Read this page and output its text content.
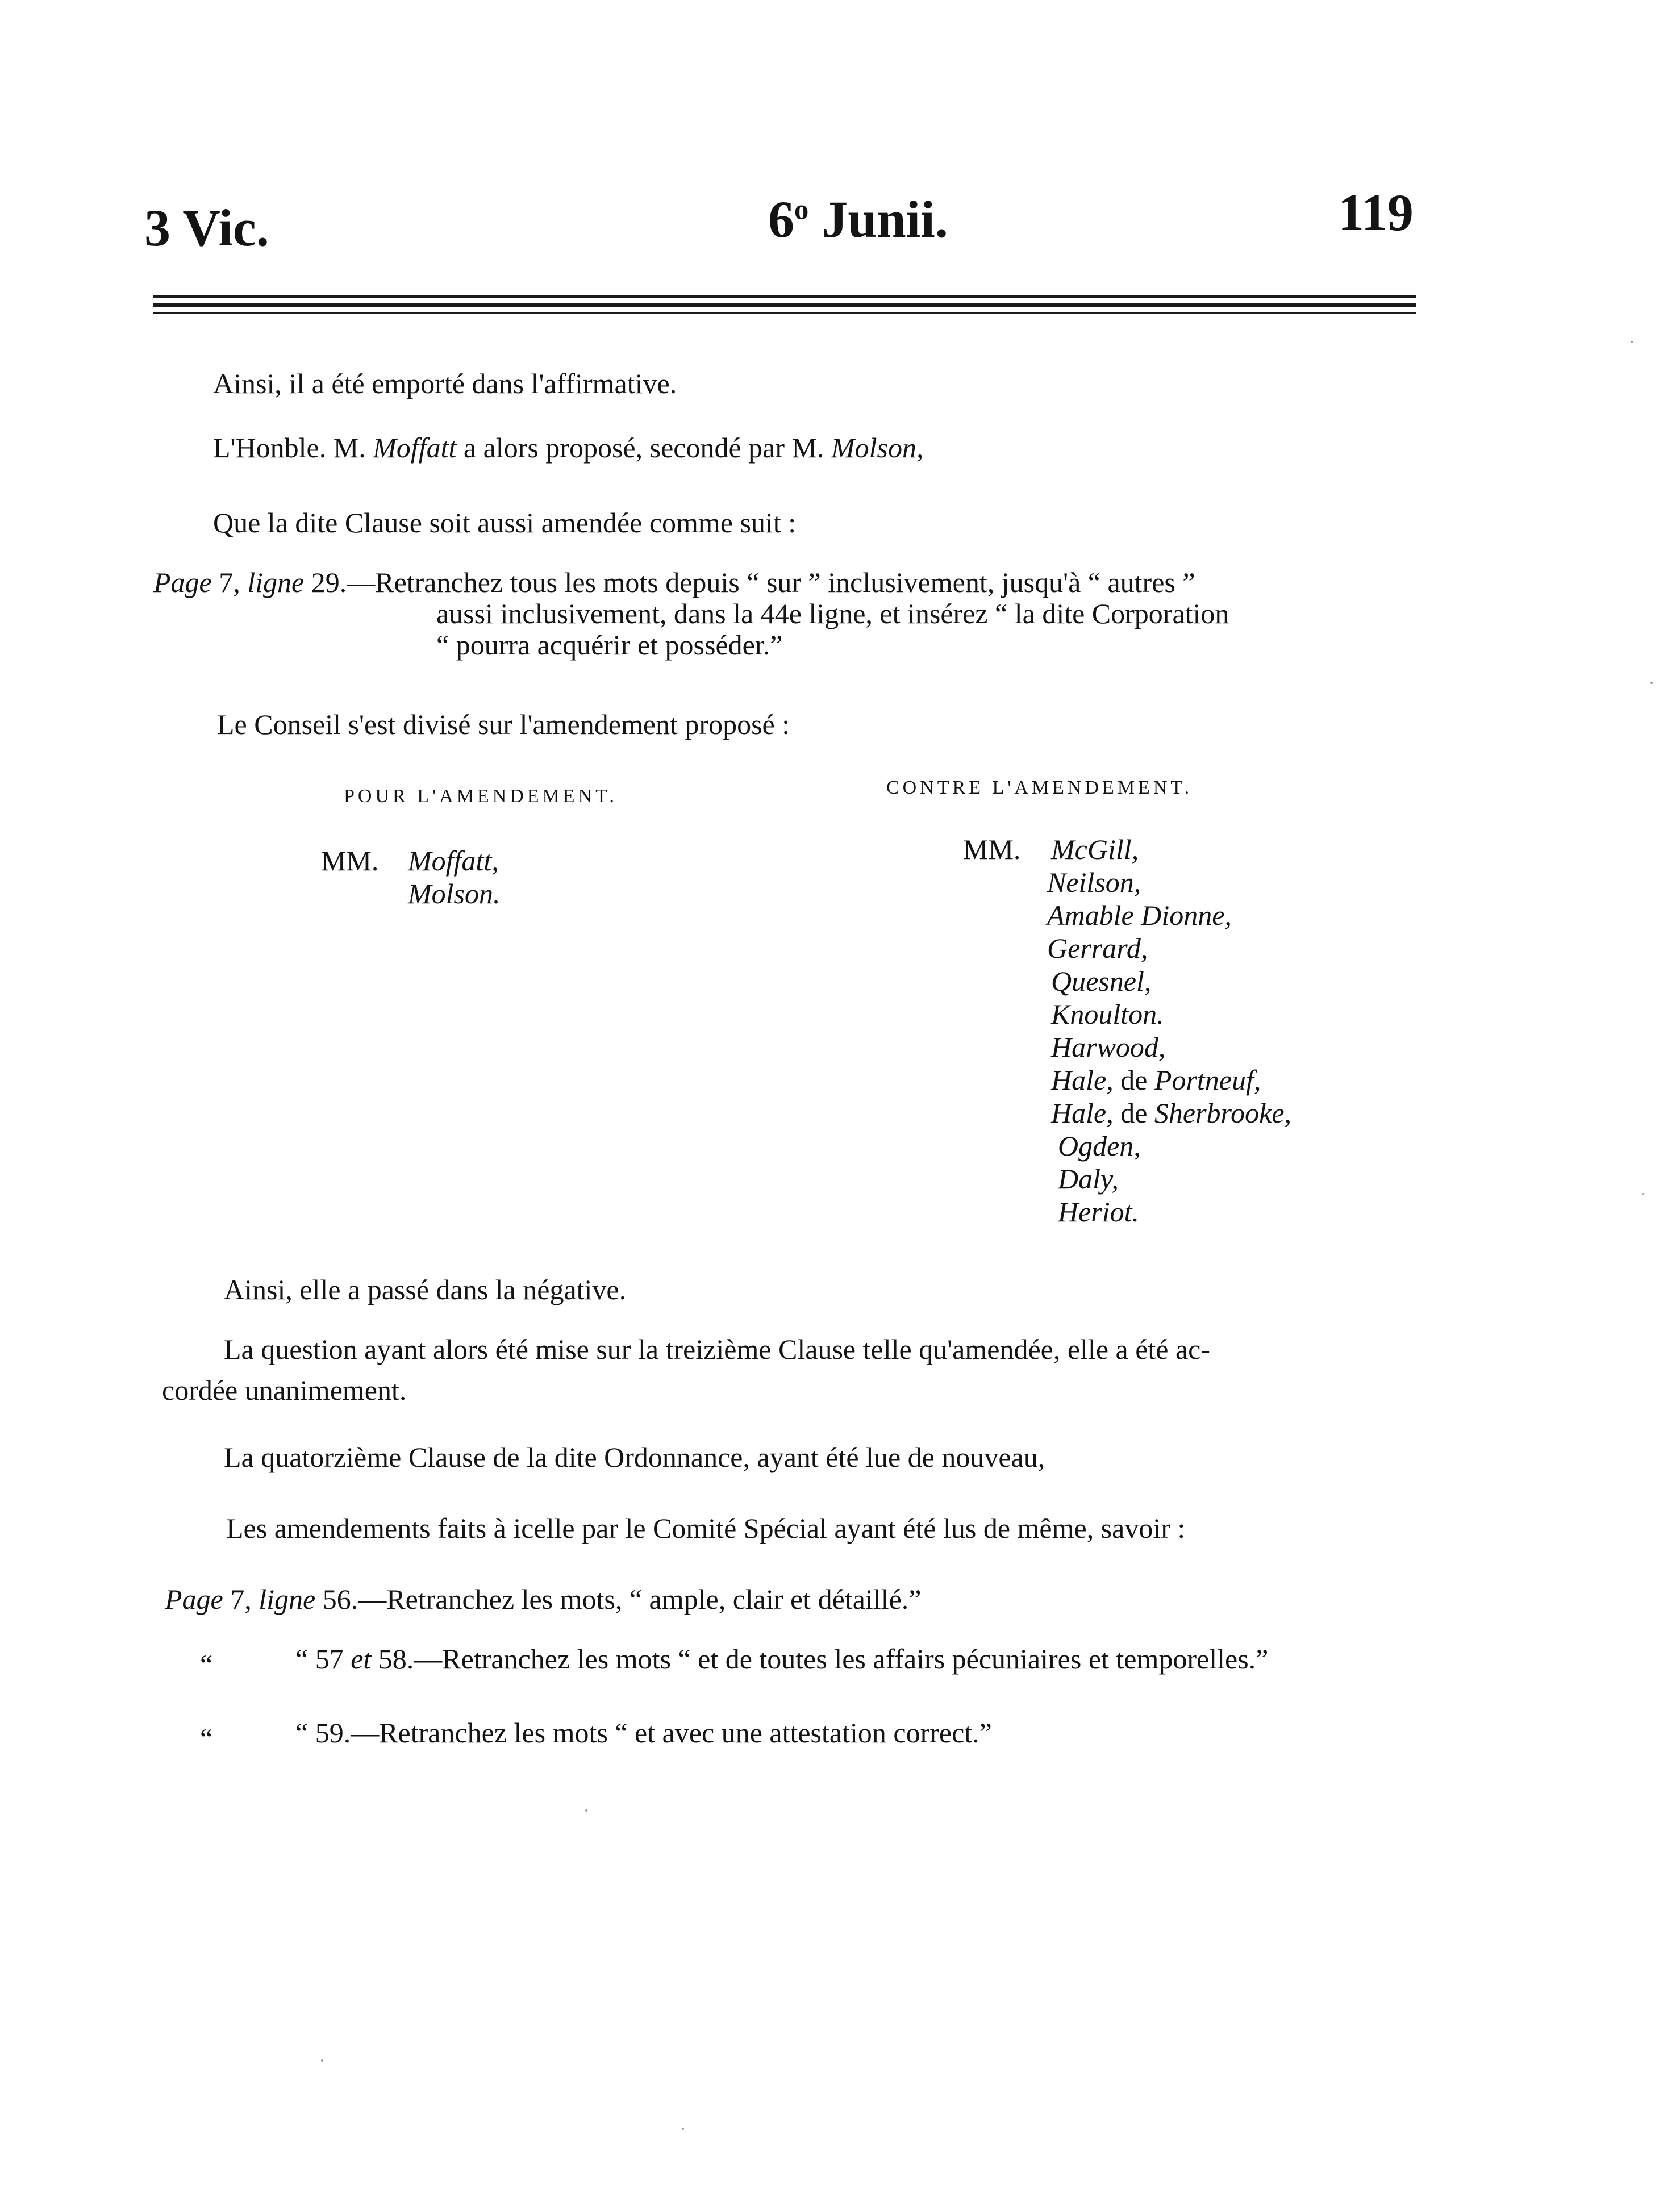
3 Vic.	6$^o$ Junii.	119
Ainsi, il a été emporté dans l'affirmative.
L'Honble. M. Moffatt a alors proposé, secondé par M. Molson,
Que la dite Clause soit aussi amendée comme suit :
Page 7, ligne 29.—Retranchez tous les mots depuis “ sur ” inclusivement, jusqu'à “ autres ”
aussi inclusivement, dans la 44e ligne, et insérez “ la dite Corporation
“ pourra acquérir et posséder.”
Le Conseil s'est divisé sur l'amendement proposé :
POUR L'AMENDEMENT.	CONTRE L'AMENDEMENT.
MM. Moffatt,
Molson.
MM. McGill,
Neilson,
Amable Dionne,
Gerrard,
Quesnel,
Knoulton.
Harwood,
Hale, de Portneuf,
Hale, de Sherbrooke,
Ogden,
Daly,
Heriot.
Ainsi, elle a passé dans la négative.
La question ayant alors été mise sur la treizième Clause telle qu'amendée, elle a été ac-
cordée unanimement.
La quatorzième Clause de la dite Ordonnance, ayant été lue de nouveau,
Les amendements faits à icelle par le Comité Spécial ayant été lus de même, savoir :
Page 7, ligne 56.—Retranchez les mots, “ ample, clair et détaillé.”
“	“ 57 et 58.—Retranchez les mots “ et de toutes les affairs pécuniaires et temporelles.”
“	“ 59.—Retranchez les mots “ et avec une attestation correct.”
